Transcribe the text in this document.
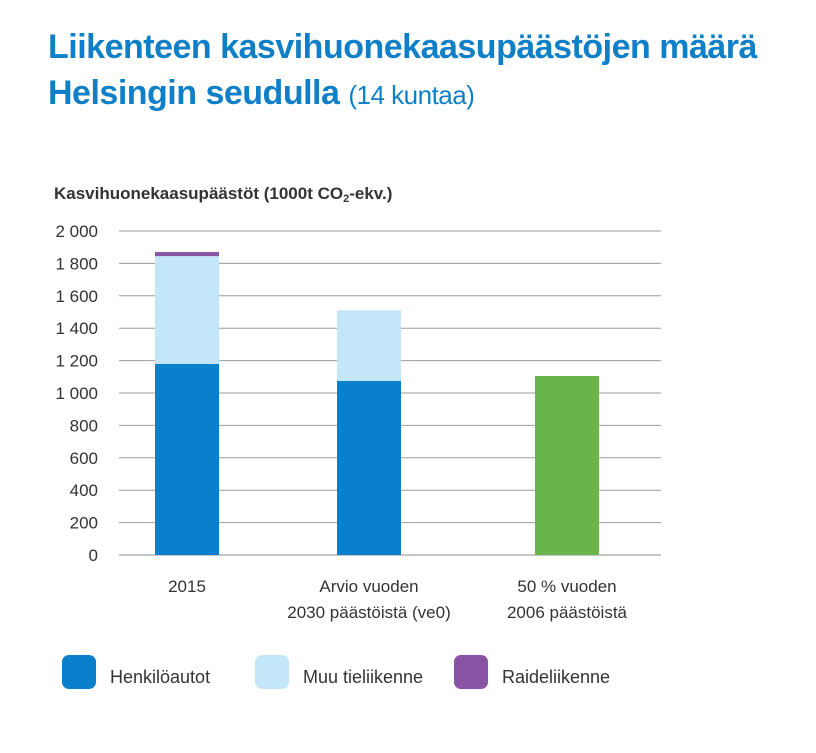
Liikenteen kasvihuonekaasupäästöjen määrä
Helsingin seudulla (14 kuntaa)
Kasvihuonekaasupäästöt (1000t $CO_2-ekv$.)
0
200
400
600
800
1 000
1 200
1 400
1 600
1 800
2 000
2015	Arvio vuoden
2030 päästöistä (ve0)
50 % vuoden
2006 päästöistä
Henkilöautot	Muu tieliikenne	Raideliikenne
